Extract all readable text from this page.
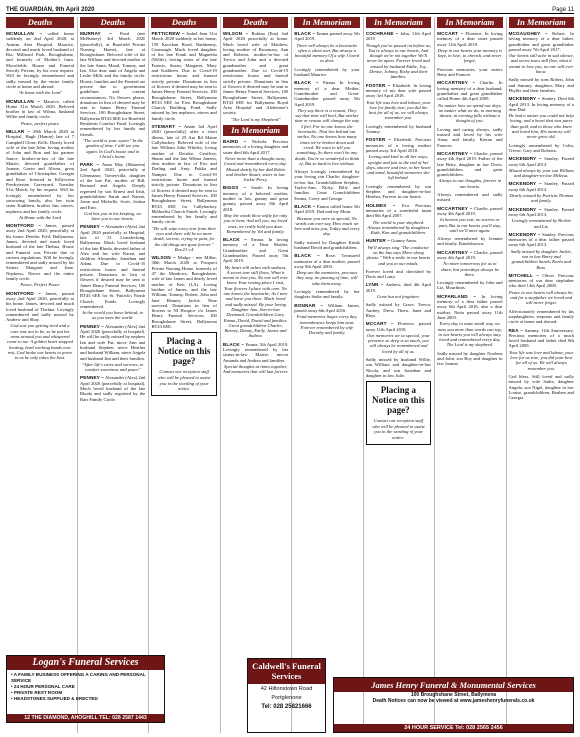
THE GUARDIAN, 9th April 2020	Page 11
Deaths
MCMULLAN – called home suddenly on 2nd April 2020, at Antrim Area Hospital, Maurice, devoted and much loved husband of Ria, Millroad Park, Broughshane, and formerly of Mother's farm, Moorfields. House and Funeral Strictly Private, by his own request. Will be lovingly remembered and sadly missed by the entire family circle at home and abroad.
'At home with the Lord'
MCMULLAN – Maurice, called Home 31st March 2020. Beloved brother in law of Wilma, husband Willie and family circle.
Peace, perfect peace
MILLAR – 29th March 2020 at Hospital, Hugh (Hamie) late of 7 Campbell Close, Kells. Dearly loved wife of the late John, loving mother of John and Ron and his partner Janice, brother-in-law of the late Maisie, devoted grandfather of Joanne, Gavin and Alison, great grandfather of Christopher, Georgia and Rose. Interred in Killycreen Presbyterian Graveyard, Tuesday 31st March, by his request. Will be lovingly remembered by her sorrowing family, also her twin sister Kathleen, brother Jim, nieces, nephews and her family circle.
At Home with the Lord
MONTFORD – James, passed away 2nd April 2020, peacefully at his home Deerfin Fold, Ballymena, James, devoted and much loved husband of the late Thelma. House and Funeral was Private due to current regulations. Will be lovingly remembered and sadly missed by his Sisters Margaret and June, Nephews, Nieces and the entire family circle.
Peace, Perfect Peace
MONTFORD – James, passed away 2nd April 2020, peacefully at his home. James, devoted and much loved husband of Thelma. Lovingly remembered and sadly missed by Andrew and Shay.
God saw you getting tired and a cure was not to be, so he put his arms around you and whispered come to me. A golden heart stopped beating, hard working hands now rest, God broke our hearts to prove to us he only takes the best.
Deaths
MURRAY – Pearl (nee McBurney) 3rd March 2020 (peacefully), at Braefield Private Nursing Home), late of Broughshane. Beloved wife of the late William and devoted mother of the late Anna, Maud, Tommy, and Ian. Also dear aunt of Angela and Leslie Mills and the family circle. House, families and the Funeral are private due to government guidelines and current circumstances. No flowers please, donations in lieu of desired may be sent to James Henry Funeral Services, 100 Broughshane Street, Ballymena BT43 6EE for Braefield Residents Comfort Fund. Lovingly remembered by her family and friends.
"The world is your oyster" In the garden of time, I will see you again, In God's house and in Christ's home.
PARK – Anna May (Maureen) 2nd April 2020, peacefully at Glenmanor, Tomeyvilla, daughter of the late Pat, mother of Bill, Bernard and Angela. Deeply regretted by son Ernest and Irish, grandchildren Sarah and Naomi, Jason and Michelle, Scott, Joshua and Erin.
God has you in his keeping, we have you in our hearts.
PENNEY – Alexander (Alex) 2nd April 2020 peacefully at Hospital, late of 31 Lisnafecking, Ballymena. Much loved husband of the late Rhoda, devoted father of Alex and his wife Karen, and children Alexander, Jonathan and Adam. Due to Covid-19 restrictions house and funeral private, Donations in lieu of flowers if desired may be sent to James Henry Funeral Services, 100 Broughshane Street, Ballymena BT43 6EE for St. Patrick's Parish Church Funds. Lovingly remembered.
In the world you leave behind, to us you were the world.
PENNEY – Alexander (Alex) 2nd April 2020 (peacefully at hospital). He will be sadly missed by nephew Ian and wife Pat, niece Ann and husband Stephen, niece Heather and husband William, niece Angela and husband Jim and their families.
"After life's cares and sorrows, to comfort sweetness and peace"
PENNEY – Alexander (Alex) 2nd April 2020 (peacefully at hospital). Much loved husband of the late Rhoda and sadly regretted by the Barr Family Circle.
Deaths
PETTICREW – Isobel Jean 31st March 2020 suddenly at her home, 159 Knockan Road, Rathkenny, Carmough. Much loved daughter of the late Frank and Magnetha (Willie), loving sister of the late Francis, Susan, Margaret, Mary and Kathleen. Due to Covid-19 restrictions house and funeral strictly private. Donations in lieu of flowers if desired may be sent to James Henry Funeral Services, 100 Broughshane Street, Ballymena BT43 6EE for First Broughshane Church Building Fund. Sadly missed by her nephews, nieces and family circle.
STEWART – Annie 3rd April 2020 (peacefully) after a short illness, late of 25 Ara Rd Maine Cullybackey. Beloved wife of the late William John Whitley, loving mother of Deirdre, Geoffrey, Shaun and the late Wilma Joneen, dear mother in law of Eric and Darling and Amy, Pukka and Nampet. Due to Covid-19 restrictions house and funeral strictly private. Donations in lieu of flowers if desired may be sent to James Henry Funeral Services, 100 Broughshane Street, Ballymena BT43 6EE for Cullybackey Methodist Church Funds. Lovingly remembered by her family and family circle.
"He will wipe every tear from their eyes and there will be no more death, sorrow, crying or pain, for the old things are gone forever." Rev.21 v.4
WILSON – Madge - nee Millar, 30th March 2020 at Prospect Private Nursing Home, formerly of 47 the Meadows, Broughshane, wife of late James and dearly loved mother of Ken (LA). Loving brother of James, and the late William, Tommy, Robert, John and Jane Heaney, Jackie. Nine survived. Donations in lieu of flowers to NI Hospice c/o James Henry Funeral Services, 100 Broughshane Street, Ballymena BT43 6EE.
Placing a Notice on this page?
Contact our reception staff who will be pleased to assist you in the wording of your notice.
Deaths
WILSON – Robina (Ena) 2nd April 2020 peacefully at home. Much loved wife of Matthew, loving mother of Rosemary, Ann and Roberta, mother-in-law of Trevor and John and a devoted grandmother and great grandmother. Due to Covid-19 restrictions house and funeral strictly private. Donations in lieu of flowers if desired may be sent to James Henry Funeral Services, 100 Broughshane Street, Ballymena, BT43 6EE for Ballymena Royal Area Hospital and Alzheimer's society.
"The Lord is my Shepherd"
In Memoriam
BAIRD – Nichola. Precious memories of a loving daughter and sister died 6th April 2017.
Never more than a thought away, Loved and remembered every day. Missed dearly by her dad Robin and brother Stuart, sister in law Jackie Percy.
BIGGS – Sarah. In loving memory of a beloved mother, mother in law, granny and great granny, passed away 8th April 2018.
May the winds blow softly for only you to hear, And tell you, my loved ones, we really hold you dear. Remembered by Val and family.
BLACK – Emma. In loving memory of a Dear Mother, Grandmother and Great Grandmother, Passed away 5th April 2019.
My heart still aches with sadness, A secret tear still flows, What it meant to lose you, No one will ever know. Your resting place I visit, Your flowers I place with care, No one knows the heartache, As I turn and leave you there. Much loved and sadly missed. By your loving Daughter Ann, Son-in-law Desmond, Grandchildren Gary, Emma, David, David and families. Great grandchildren Charlie, Barney, Danny, Emily, James and Andrea.
BLACK – Emma. 5th April 2019. Lovingly remembered by her sisters-in-law Maisie, nieces Amanda and Andrea and families.
Special thoughts at times together, And memories that will last forever.
In Memoriam
BLACK – Emma passed away 5th April 2019.
There will always be a heartache often a silent tear, But always a beautiful memory Of a wife I loved so dear.
Lovingly remembered by your husband Maurice.
BLACK – Emma In loving memory of a dear Mother, Grandmother and Great-Grandmother passed away 5th April 2019.
They say there is a reason, They say that time will heal, But neither time or reason will change the way I feel. For no one knows the heartache, That lies behind our smiles, No one knows how many times we've broken down and cried. We want to tell you something, So there won't be any doubt, You're so wonderful to think of, But so hard to live without.
Always lovingly remembered by your loving son Charlie, daughter-in-law Ina, Grandchildren Stephen, Taylor-Ann, Nicky, Billy and families. Great Grandchildren Emma, Corey and George.
BLACK – Emma called home 5th April 2019. Dad and my Mum.
Because you were so special, No words can ever say, How much we love and miss you, Today and every day.
Sadly missed by Daughter Kinda husband David and grandchildren.
BLACK – Rose. Treasured memories of a dear mother, passed away 8th April 2003.
Deep are the memories, precious they stay, no passing of time, will take them away.
Lovingly remembered by her daughter Sadie and family.
BONNAR – William James, passed away 6th April 2016.
Fond memories linger every day, remembrance keeps him near. Forever remembered by wife Dorothy and family.
In Memoriam
COCHRANE – John, 11th April 2019
Though you've passed on before us, You're always in our hearts, And though we're not together We'll never be apart. Forever loved and missed by husband Eddie, Joy, Denise, Johnny, Ricky and their families.
FOSTER – Elizabeth. In loving memory of my dear wife passed away 3rd April 2018.
Your life was love and labour, your love for family true, you did the best for all of us, we will always remember you.
Lovingly remembered by husband Tommy.
FOSTER – Elizabeth. Precious memories of a loving mother passed away 3rd April 2018.
Loving and kind in all her ways, upright and just to the end of her days, sincere and true, in her heart and mind, beautiful memories she left behind.
Lovingly remembered by son Stephen and daughter-in-law Heather, Forever in our hearts.
HOLMES – Eva Precious memories of a wonderful mum died 8th April 2007.
The world is your shepherd. Always remembered by daughters Ruth, Kim and grandchildren.
HUNTER – Granny Anna.
We'll always sing "The conductor on the bus says Move along please." With a smile in our hearts and you in our minds.
Forever loved and cherished by Doris and Larry.
LYNN – Andrew, died 4th April 2019.
Gone but not forgotten.
Sadly missed by Grace, Trevor, Audrey, Drew, Thera, Janet and Rhys.
MCCART – Florence, passed away 11th April 2018.
Our memories we so special, your presence so deep is so much, you will always be remembered and loved by all of us.
Sadly missed by husband Willie, son William and daughter-in-law Nicola, and son Jonathan and daughter in law Julie.
Placing a Notice on this page?
Contact our reception staff who will be pleased to assist you in the wording of your notice.
In Memoriam
MCCART – Florence. In loving memory of a dear sister passed away 11th April 2018.
Deep in our hearts your memory is kept, to love, to cherish, and never forget.
Precious memories, your sisters Betty and Frances.
MCCARTNEY – Charlie. In loving memory of a dear husband, grandfather and great grandfather called Home 4th April 2009.
No matter how we spend our days, no matter what we do, in morning dawns, in evening falls without a thought of you.
Loving and caring always, sadly missed and loved by his wife Anna, and family, Kieran and Frances.
MCCARTNEY – Charlie, passed away 4th April 2019. Father of the late Betty, daughter in law Doris, grandchildren and great grandchildren.
Always in our thoughts, forever in our hearts.
Always remembered and sadly missed.
MCCARTNEY – Charlie, passed away 4th April 2019.
In heaven you rest, no sorrow or pain, But in our hearts you'll stay, until we'll meet again.
Always remembered by Jeannie and family, Randalstown.
MCCARTNEY – Charlie, passed away 4th April 2019.
No more tomorrows for us to share, but yesterdays always be there.
Lovingly remembered by John and Liz, Mourhinis.
MCFARLAND – In loving memory of a dear father passed away 6th April 2016, also a dear mother, Netta passed away 11th June 2003.
Every day in some small way, we miss you more than words can say, in our hearts you will always stay, loved and remembered every day. The Lord is my shepherd.
Sadly missed by daughter Noelene and John, son Roy and daughter in law Joanne.
In Memoriam
MCGAUGHEY – Robert. In loving memory of a dear father, grandfather and great grandfather passed away 7th April 2017.
Our hearts still ache in sad silence, and secret tears still flow, what it meant to lose you, no one will ever know.
Sadly missed by sons Robert, John and Sammy, daughters Mary and Phyllis and their families.
MCKENDRY – Stanley. Died 6th April 2013. In loving memory of a dear Dad.
He had a nature you could not help loving, and a heart that was purer than gold, and to those who knew and loved him, His memory will never grow old.
Lovingly remembered by Colin, Trevor, Gary and Roberta.
MCKENDRY – Stanley, Passed away 6th April 2013.
Missed always by your son William and daughter-in-law Melissa.
MCKENDRY – Stanley, Passed away 6th April 2013.
Dearly missed by Patricia Thomas and family.
MCKENDRY – Stanley. Passed away 6th April 2013.
Lovingly remembered by Herbie and Liz.
MCKENDRY – Stanley. Precious memories of a dear father passed away 6th April 2013.
Sadly missed by daughter Jackie, son in law Barry and grandchildren Sarah, Karla and Ross.
MITCHELL – Oliver. Precious memories of our dear stepfather who died 14th April 2008.
Peace in our hearts will always be, and for a stepfather we loved and will never forget.
Affectionately remembered by his stepdaughters, stepsons and family circle at home and abroad.
REA – Sammy, 11th Anniversary. Precious memories of a much loved husband and father died 8th April 2009.
Your life was love and labour, your love for us true, you did your best for all of us. We will always remember you.
God bless. Still loved and sadly missed by wife Sadie, daughter Angela, son Nigel, daughter in law Louise, grandchildren, Reuben and Georgia.
Logan's Funeral Services
• A FAMILY BUSINESS OFFERING A CARING AND PERSONAL SERVICE
• 24 HOUR PERSONAL CARE
• PRIVATE REST ROOM
• HEADSTONES SUPPLIED & ERECTED
12 THE DIAMOND, AHOGHILL TEL: 028 2587 1443
Caldwell's Funeral Services
42 Hiltonstown Road
Portglenone
Tel: 028 25821666
James Henry Funeral & Monumental Services
100 Broughshane Street, Ballymena
Death Notices can now be viewed at www.jameshenryfunerals.co.uk
24 HOUR SERVICE Tel: 028 2565 2456
